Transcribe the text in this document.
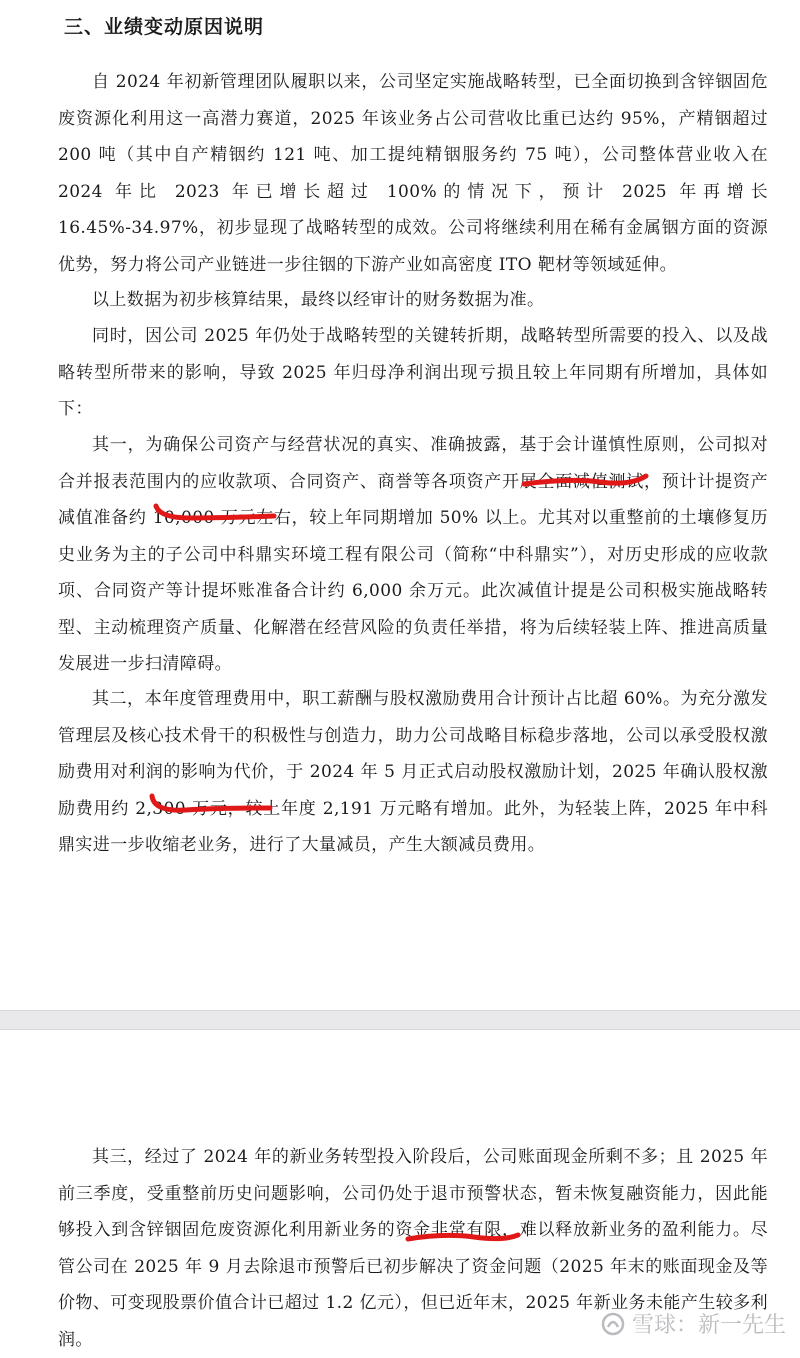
三、业绩变动原因说明

自 2024 年初新管理团队履职以来，公司坚定实施战略转型，已全面切换到含锌铟固危废资源化利用这一高潜力赛道，2025 年该业务占公司营收比重已达约 95%，产精铟超过 200 吨（其中自产精铟约 121 吨、加工提纯精铟服务约 75 吨），公司整体营业收入在 2024 年比 2023 年已增长超过 100%的情况下，预计 2025 年再增长 16.45%-34.97%，初步显现了战略转型的成效。公司将继续利用在稀有金属铟方面的资源优势，努力将公司产业链进一步往铟的下游产业如高密度 ITO 靶材等领域延伸。

以上数据为初步核算结果，最终以经审计的财务数据为准。

同时，因公司 2025 年仍处于战略转型的关键转折期，战略转型所需要的投入、以及战略转型所带来的影响，导致 2025 年归母净利润出现亏损且较上年同期有所增加，具体如下：

其一，为确保公司资产与经营状况的真实、准确披露，基于会计谨慎性原则，公司拟对合并报表范围内的应收款项、合同资产、商誉等各项资产开展全面减值测试，预计计提资产减值准备约 10,000 万元左右，较上年同期增加 50% 以上。尤其对以重整前的土壤修复历史业务为主的子公司中科鼎实环境工程有限公司（简称“中科鼎实”），对历史形成的应收款项、合同资产等计提坏账准备合计约 6,000 余万元。此次减值计提是公司积极实施战略转型、主动梳理资产质量、化解潜在经营风险的负责任举措，将为后续轻装上阵、推进高质量发展进一步扫清障碍。

其二，本年度管理费用中，职工薪酬与股权激励费用合计预计占比超 60%。为充分激发管理层及核心技术骨干的积极性与创造力，助力公司战略目标稳步落地，公司以承受股权激励费用对利润的影响为代价，于 2024 年 5 月正式启动股权激励计划，2025 年确认股权激励费用约 2,300 万元，较上年度 2,191 万元略有增加。此外，为轻装上阵，2025 年中科鼎实进一步收缩老业务，进行了大量减员，产生大额减员费用。

其三，经过了 2024 年的新业务转型投入阶段后，公司账面现金所剩不多；且 2025 年前三季度，受重整前历史问题影响，公司仍处于退市预警状态，暂未恢复融资能力，因此能够投入到含锌铟固危废资源化利用新业务的资金非常有限，难以释放新业务的盈利能力。尽管公司在 2025 年 9 月去除退市预警后已初步解决了资金问题（2025 年末的账面现金及等价物、可变现股票价值合计已超过 1.2 亿元），但已近年末，2025 年新业务未能产生较多利润。

雪球：新一先生
